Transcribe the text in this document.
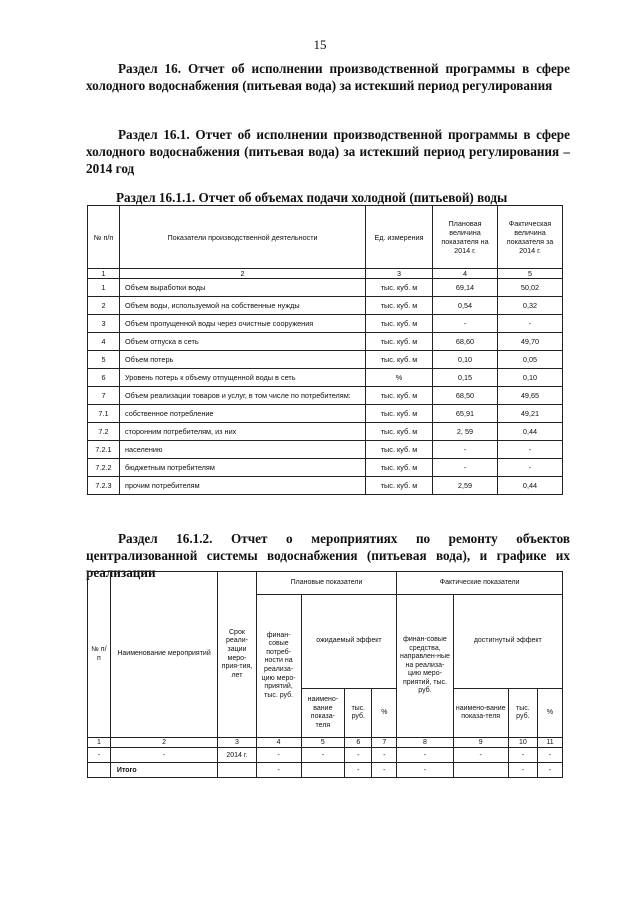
15
Раздел 16. Отчет об исполнении производственной программы в сфере холодного водоснабжения (питьевая вода) за истекший период регулирования
Раздел 16.1. Отчет об исполнении производственной программы в сфере холодного водоснабжения (питьевая вода) за истекший период регулирования – 2014 год
Раздел 16.1.1. Отчет об объемах подачи холодной (питьевой) воды
№ п/п	Показатели производственной деятельности	Ед. измерения	Плановая величина показателя на 2014 г.	Фактическая величина показателя за 2014 г.
1	2	3	4	5
1	Объем выработки воды	тыс. куб. м	69,14	50,02
2	Объем воды, используемой на собственные нужды	тыс. куб. м	0,54	0,32
3	Объем пропущенной воды через очистные сооружения	тыс. куб. м	-	-
4	Объем отпуска в сеть	тыс. куб. м	68,60	49,70
5	Объем потерь	тыс. куб. м	0,10	0,05
6	Уровень потерь к объему отпущенной воды в сеть	%	0,15	0,10
7	Объем реализации товаров и услуг, в том числе по потребителям:	тыс. куб. м	68,50	49,65
7.1	собственное потребление	тыс. куб. м	65,91	49,21
7.2	сторонним потребителям, из них	тыс. куб. м	2, 59	0,44
7.2.1	населению	тыс. куб. м	-	-
7.2.2	бюджетным потребителям	тыс. куб. м	-	-
7.2.3	прочим потребителям	тыс. куб. м	2,59	0,44
Раздел 16.1.2. Отчет о мероприятиях по ремонту объектов централизованной системы водоснабжения (питьевая вода), и графике их реализации
№ п/п	Наименование мероприятий	Срок реали-зации меро-прия-тия, лет	Плановые показатели				Фактические показатели			
			финан-совые потреб-ности на реализа-цию меро-приятий, тыс. руб.	ожидаемый эффект			финан-совые средства, направлен-ные на реализа-цию меро-приятий, тыс. руб.	достигнутый эффект		
				наимено-вание показа-теля	тыс. руб.	%		наимено-вание показа-теля	тыс. руб.	%
1	2	3	4	5	6	7	8	9	10	11
-	-	2014 г.	-	-	-	-	-	-	-	-
	Итого		-		-	-	-		-	-
